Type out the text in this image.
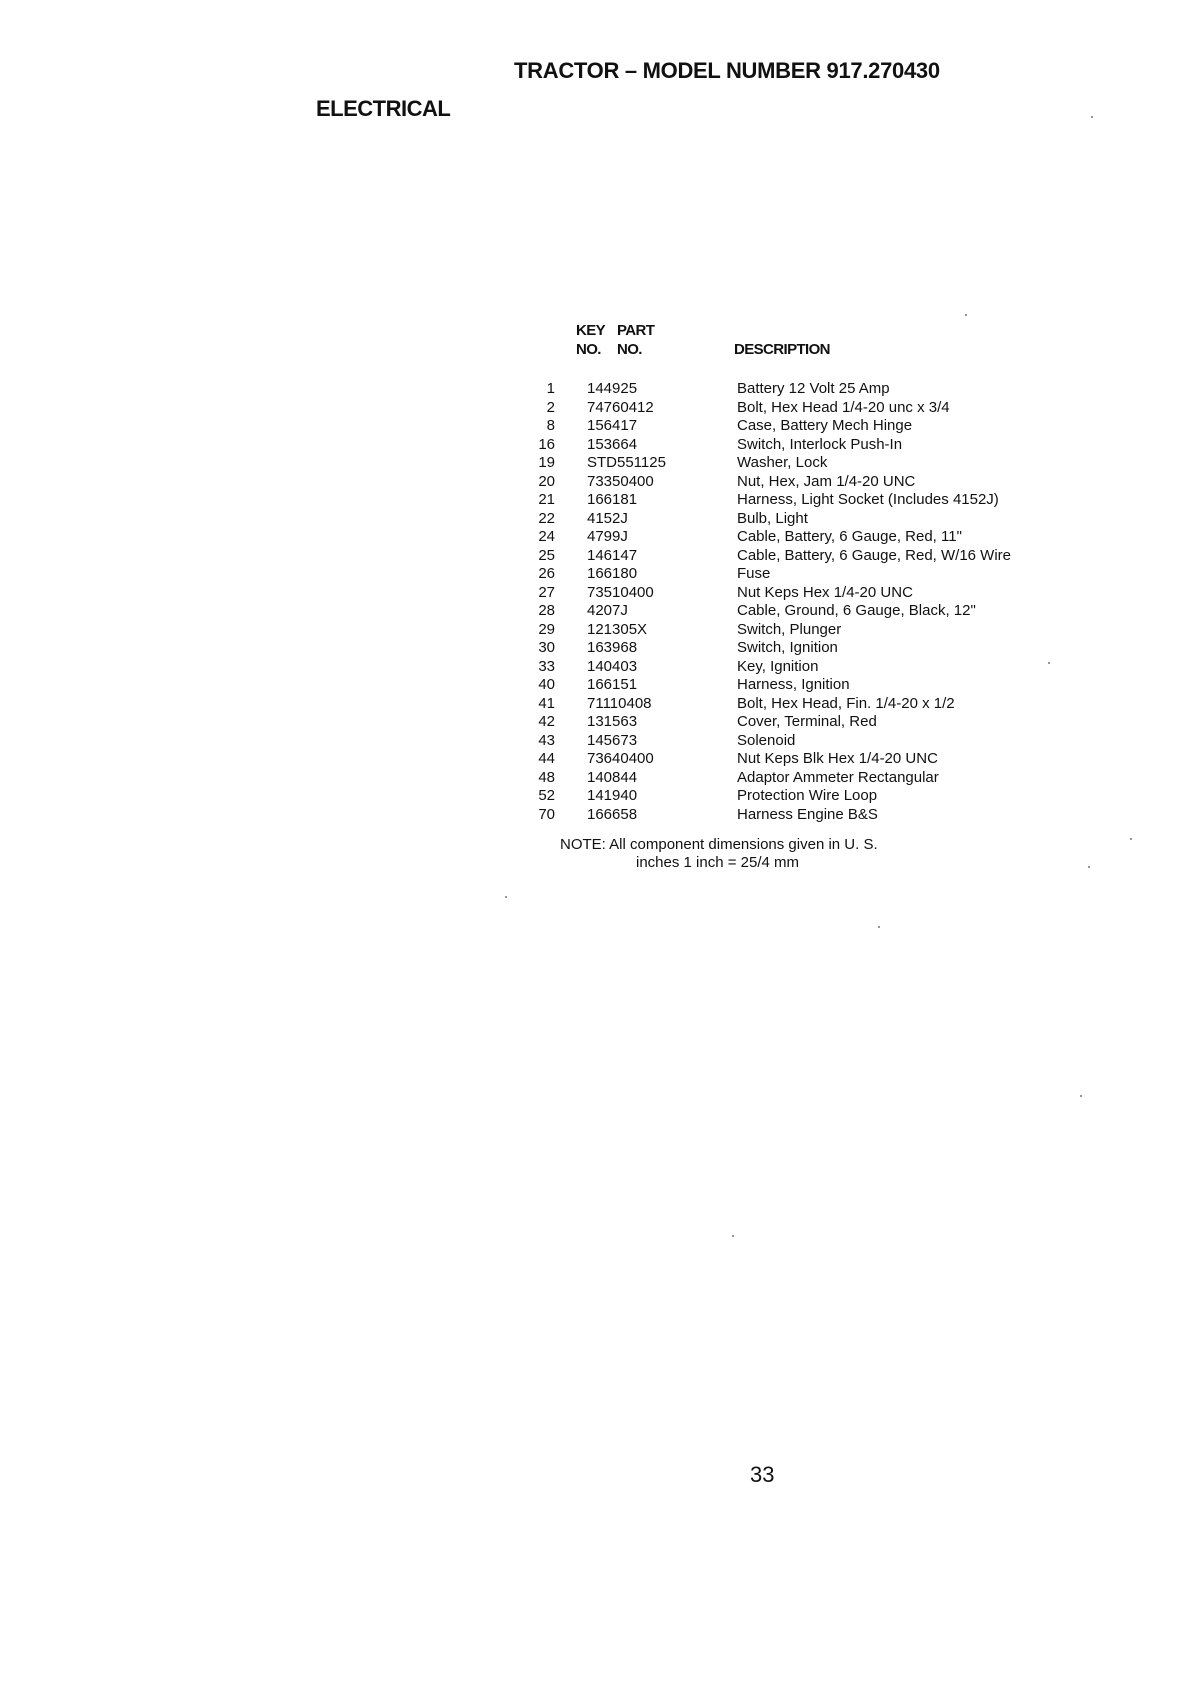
TRACTOR – MODEL NUMBER 917.270430
ELECTRICAL
KEY PART
NO. NO.	DESCRIPTION
1 144925	Battery 12 Volt 25 Amp
2 74760412	Bolt, Hex Head 1/4-20 unc x 3/4
8 156417	Case, Battery Mech Hinge
16 153664	Switch, Interlock Push-In
19 STD551125	Washer, Lock
20 73350400	Nut, Hex, Jam 1/4-20 UNC
21 166181	Harness, Light Socket (Includes 4152J)
22 4152J	Bulb, Light
24 4799J	Cable, Battery, 6 Gauge, Red, 11"
25 146147	Cable, Battery, 6 Gauge, Red, W/16 Wire
26 166180	Fuse
27 73510400	Nut Keps Hex 1/4-20 UNC
28 4207J	Cable, Ground, 6 Gauge, Black, 12"
29 121305X	Switch, Plunger
30 163968	Switch, Ignition
33 140403	Key, Ignition
40 166151	Harness, Ignition
41 71110408	Bolt, Hex Head, Fin. 1/4-20 x 1/2
42 131563	Cover, Terminal, Red
43 145673	Solenoid
44 73640400	Nut Keps Blk Hex 1/4-20 UNC
48 140844	Adaptor Ammeter Rectangular
52 141940	Protection Wire Loop
70 166658	Harness Engine B&S
NOTE: All component dimensions given in U. S.
inches 1 inch = 25/4 mm
33
